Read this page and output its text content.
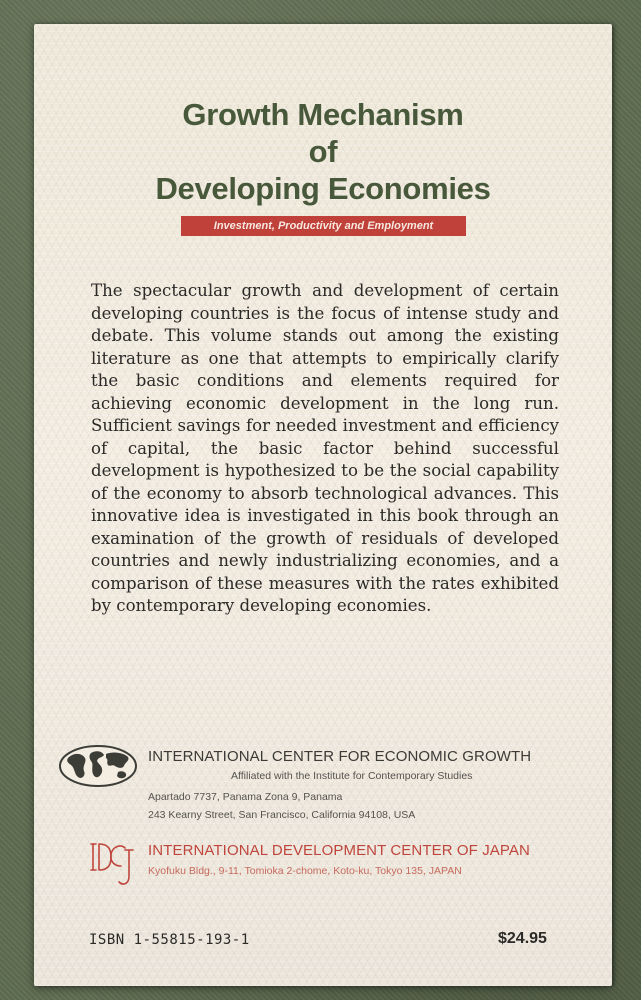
Growth Mechanism
of
Developing Economies
Investment, Productivity and Employment

The spectacular growth and development of certain developing countries is the focus of intense study and debate. This volume stands out among the existing literature as one that attempts to empirically clarify the basic conditions and elements required for achieving economic development in the long run. Sufficient savings for needed investment and efficiency of capital, the basic factor behind successful development is hypothesized to be the social capability of the economy to absorb technological advances. This innovative idea is investigated in this book through an examination of the growth of residuals of developed countries and newly industrializing economies, and a comparison of these measures with the rates exhibited by contemporary developing economies.

INTERNATIONAL CENTER FOR ECONOMIC GROWTH
Affiliated with the Institute for Contemporary Studies
Apartado 7737, Panama Zona 9, Panama
243 Kearny Street, San Francisco, California 94108, USA
INTERNATIONAL DEVELOPMENT CENTER OF JAPAN
Kyofuku Bldg., 9-11, Tomioka 2-chome, Koto-ku, Tokyo 135, JAPAN
ISBN 1-55815-193-1	$24.95
